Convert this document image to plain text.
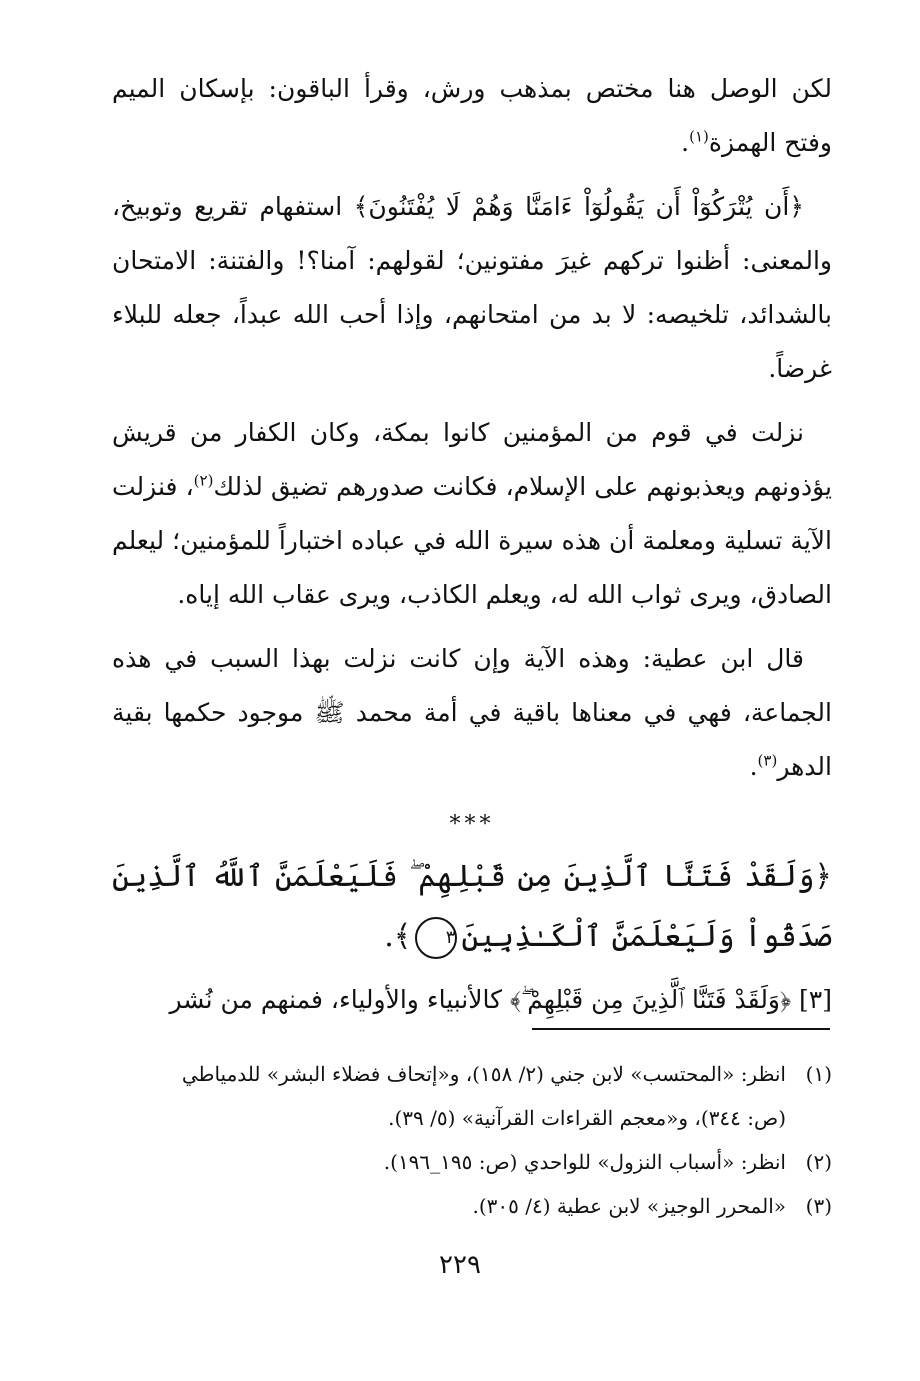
لكن الوصل هنا مختص بمذهب ورش، وقرأ الباقون: بإسكان الميم وفتح الهمزة$^{(١)}$.

﴿أَن يُتْرَكُوٓاْ أَن يَقُولُوٓاْ ءَامَنَّا وَهُمْ لَا يُفْتَنُونَ﴾ استفهام تقريع وتوبيخ، والمعنى: أظنوا تركهم غيرَ مفتونين؛ لقولهم: آمنا؟! والفتنة: الامتحان بالشدائد، تلخيصه: لا بد من امتحانهم، وإذا أحب الله عبداً، جعله للبلاء غرضاً.

نزلت في قوم من المؤمنين كانوا بمكة، وكان الكفار من قريش يؤذونهم ويعذبونهم على الإسلام، فكانت صدورهم تضيق لذلك$^{(٢)}$، فنزلت الآية تسلية ومعلمة أن هذه سيرة الله في عباده اختباراً للمؤمنين؛ ليعلم الصادق، ويرى ثواب الله له، ويعلم الكاذب، ويرى عقاب الله إياه.

قال ابن عطية: وهذه الآية وإن كانت نزلت بهذا السبب في هذه الجماعة، فهي في معناها باقية في أمة محمد ﷺ موجود حكمها بقية الدهر$^{(٣)}$.

***

﴿وَلَقَدْ فَتَنَّا ٱلَّذِينَ مِن قَبْلِهِمْ ۖ فَلَيَعْلَمَنَّ ٱللَّهُ ٱلَّذِينَ صَدَقُواْ وَلَيَعْلَمَنَّ ٱلْكَـٰذِبِينَ٣﴾.

[٣] ﴿وَلَقَدْ فَتَنَّا ٱلَّذِينَ مِن قَبْلِهِمْ ۖ﴾ كالأنبياء والأولياء، فمنهم من نُشر

(١)
انظر: «المحتسب» لابن جني (٢/ ١٥٨)، و«إتحاف فضلاء البشر» للدمياطي
(ص: ٣٤٤)، و«معجم القراءات القرآنية» (٥/ ٣٩).
(٢)
انظر: «أسباب النزول» للواحدي (ص: ١٩٥_١٩٦).
(٣)
«المحرر الوجيز» لابن عطية (٤/ ٣٠٥).
٢٢٩
